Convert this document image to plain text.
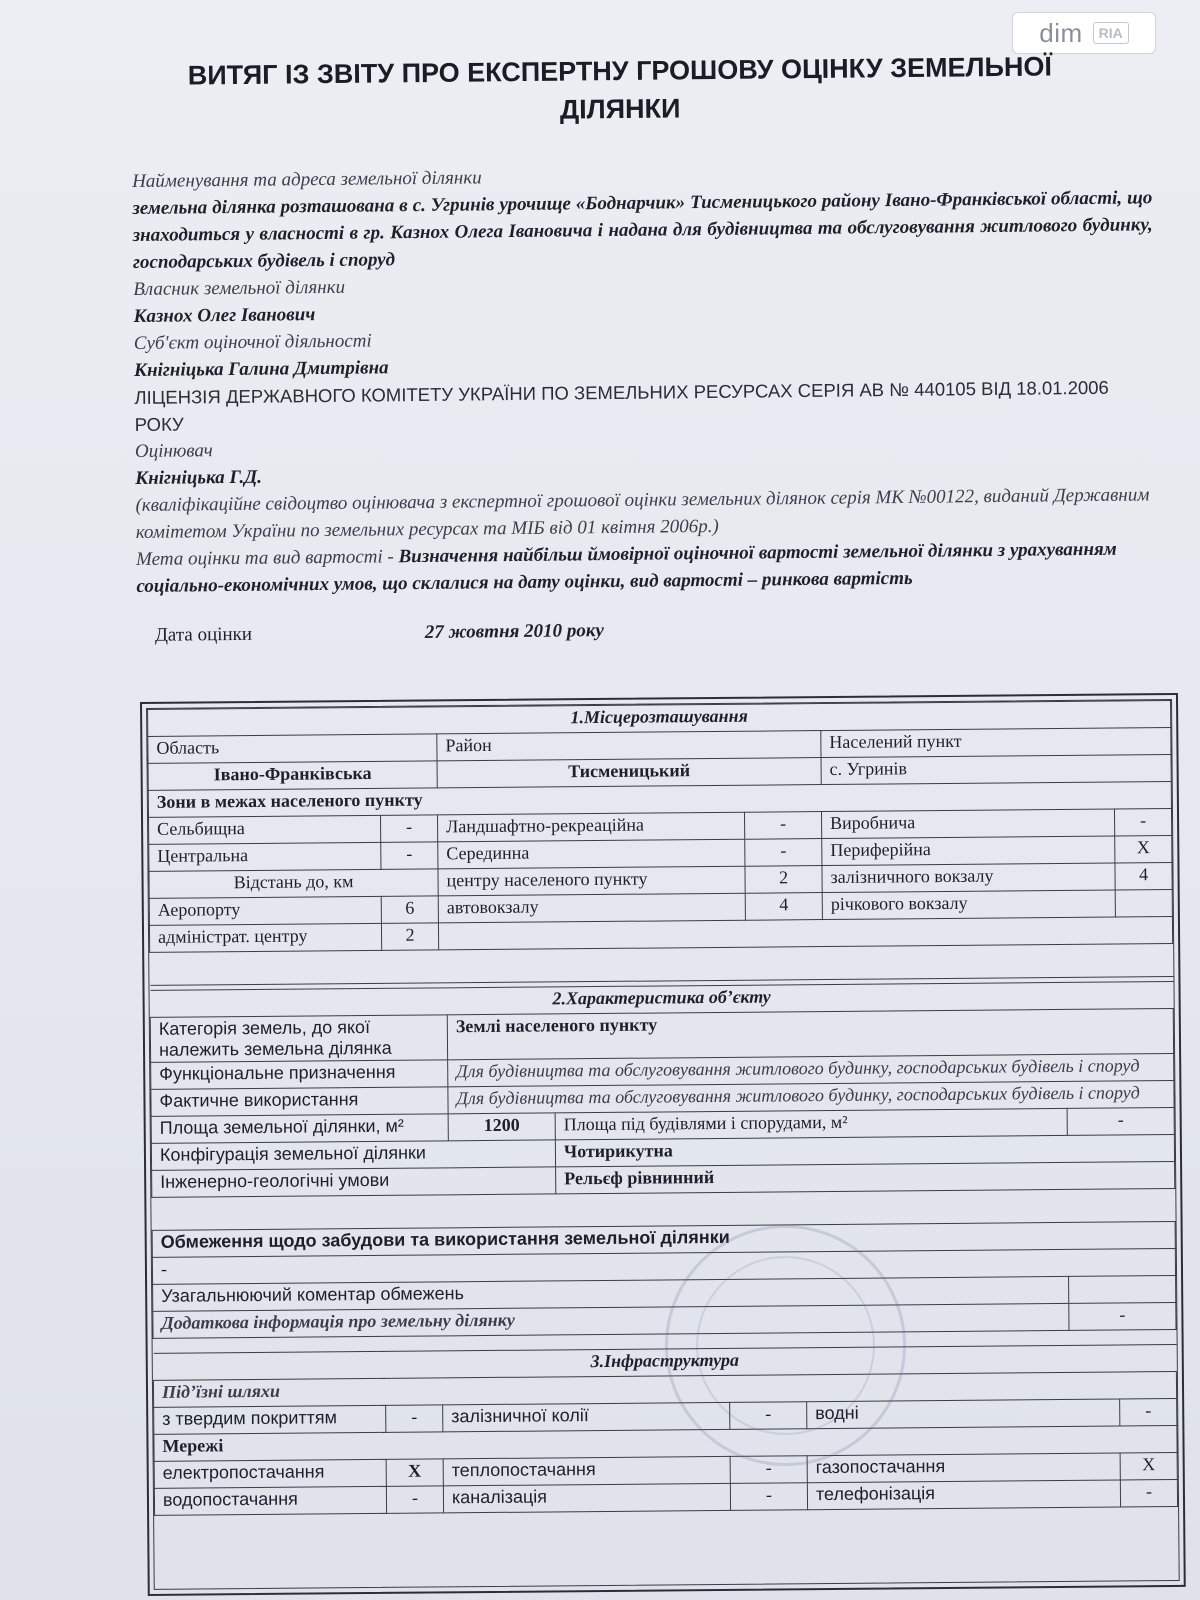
dim	RIA
ВИТЯГ ІЗ ЗВІТУ ПРО ЕКСПЕРТНУ ГРОШОВУ ОЦІНКУ ЗЕМЕЛЬНОЇ
ДІЛЯНКИ

Найменування та адреса земельної ділянки

земельна ділянка розташована в с. Угринів урочище «Боднарчик» Тисменицького району Івано-Франківської області, що знаходиться у власності в гр. Казнох Олега Івановича і надана для будівництва та обслуговування житлового будинку, господарських будівель і споруд

Власник земельної ділянки

Казнох Олег Іванович

Суб'єкт оціночної діяльності

Кнігніцька Галина Дмитрівна

ЛІЦЕНЗІЯ ДЕРЖАВНОГО КОМІТЕТУ УКРАЇНИ ПО ЗЕМЕЛЬНИХ РЕСУРСАХ СЕРІЯ АВ № 440105 ВІД 18.01.2006 РОКУ

Оцінювач

Кнігніцька Г.Д.

(кваліфікаційне свідоцтво оцінювача з експертної грошової оцінки земельних ділянок серія МК №00122, виданий Державним комітетом України по земельних ресурсах та МІБ від 01 квітня 2006р.)

Мета оцінки та вид вартості - Визначення найбільш ймовірної оціночної вартості земельної ділянки з урахуванням соціально-економічних умов, що склалися на дату оцінки, вид вартості – ринкова вартість

Дата оцінки	27 жовтня 2010 року
1.Місцерозташування					
Область		Район		Населений пункт	
Івано-Франківська		Тисменицький		с. Угринів	
Зони в межах населеного пункту					
Сельбищна	-	Ландшафтно-рекреаційна	-	Виробнича	-
Центральна	-	Серединна	-	Периферійна	Х
Відстань до, км		центру населеного пункту	2	залізничного вокзалу	4
Аеропорту	6	автовокзалу	4	річкового вокзалу	
адміністрат. центру	2				

2.Характеристика об’єкту			
Категорія земель, до якої належить земельна ділянка	Землі населеного пункту		
Функціональне призначення	Для будівництва та обслуговування житлового будинку, господарських будівель і споруд		
Фактичне використання	Для будівництва та обслуговування житлового будинку, господарських будівель і споруд		
Площа земельної ділянки, м²	1200	Площа під будівлями і спорудами, м²	-
Конфігурація земельної ділянки		Чотирикутна	
Інженерно-геологічні умови		Рельєф рівнинний	

Обмеження щодо забудови та використання земельної ділянки			
-			
Узагальнюючий коментар обмежень			
Додаткова інформація про земельну ділянку			-
3.Інфраструктура					
Під’їзні шляхи					
з твердим покриттям	-	залізничної колії	-	водні	-
Мережі					
електропостачання	Х	теплопостачання	-	газопостачання	Х
водопостачання	-	каналізація	-	телефонізація	-
